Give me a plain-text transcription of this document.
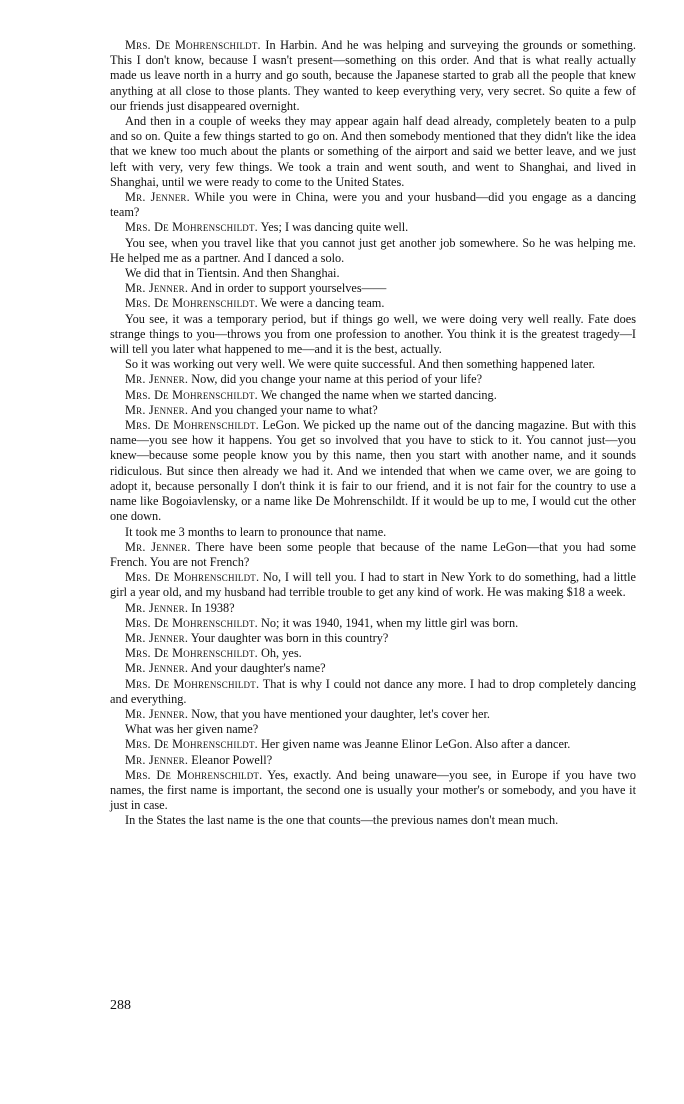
Mrs. De Mohrenschildt. In Harbin. And he was helping and surveying the grounds or something. This I don't know, because I wasn't present—something on this order. And that is what really actually made us leave north in a hurry and go south, because the Japanese started to grab all the people that knew anything at all close to those plants. They wanted to keep everything very, very secret. So quite a few of our friends just disappeared overnight.

And then in a couple of weeks they may appear again half dead already, completely beaten to a pulp and so on. Quite a few things started to go on. And then somebody mentioned that they didn't like the idea that we knew too much about the plants or something of the airport and said we better leave, and we just left with very, very few things. We took a train and went south, and went to Shanghai, and lived in Shanghai, until we were ready to come to the United States.

Mr. Jenner. While you were in China, were you and your husband—did you engage as a dancing team?

Mrs. De Mohrenschildt. Yes; I was dancing quite well.

You see, when you travel like that you cannot just get another job somewhere. So he was helping me. He helped me as a partner. And I danced a solo.

We did that in Tientsin. And then Shanghai.

Mr. Jenner. And in order to support yourselves——

Mrs. De Mohrenschildt. We were a dancing team.

You see, it was a temporary period, but if things go well, we were doing very well really. Fate does strange things to you—throws you from one profession to another. You think it is the greatest tragedy—I will tell you later what happened to me—and it is the best, actually.

So it was working out very well. We were quite successful. And then something happened later.

Mr. Jenner. Now, did you change your name at this period of your life?

Mrs. De Mohrenschildt. We changed the name when we started dancing.

Mr. Jenner. And you changed your name to what?

Mrs. De Mohrenschildt. LeGon. We picked up the name out of the dancing magazine. But with this name—you see how it happens. You get so involved that you have to stick to it. You cannot just—you knew—because some people know you by this name, then you start with another name, and it sounds ridiculous. But since then already we had it. And we intended that when we came over, we are going to adopt it, because personally I don't think it is fair to our friend, and it is not fair for the country to use a name like Bogoiavlensky, or a name like De Mohrenschildt. If it would be up to me, I would cut the other one down.

It took me 3 months to learn to pronounce that name.

Mr. Jenner. There have been some people that because of the name LeGon—that you had some French. You are not French?

Mrs. De Mohrenschildt. No, I will tell you. I had to start in New York to do something, had a little girl a year old, and my husband had terrible trouble to get any kind of work. He was making $18 a week.

Mr. Jenner. In 1938?

Mrs. De Mohrenschildt. No; it was 1940, 1941, when my little girl was born.

Mr. Jenner. Your daughter was born in this country?

Mrs. De Mohrenschildt. Oh, yes.

Mr. Jenner. And your daughter's name?

Mrs. De Mohrenschildt. That is why I could not dance any more. I had to drop completely dancing and everything.

Mr. Jenner. Now, that you have mentioned your daughter, let's cover her.

What was her given name?

Mrs. De Mohrenschildt. Her given name was Jeanne Elinor LeGon. Also after a dancer.

Mr. Jenner. Eleanor Powell?

Mrs. De Mohrenschildt. Yes, exactly. And being unaware—you see, in Europe if you have two names, the first name is important, the second one is usually your mother's or somebody, and you have it just in case.

In the States the last name is the one that counts—the previous names don't mean much.

288
